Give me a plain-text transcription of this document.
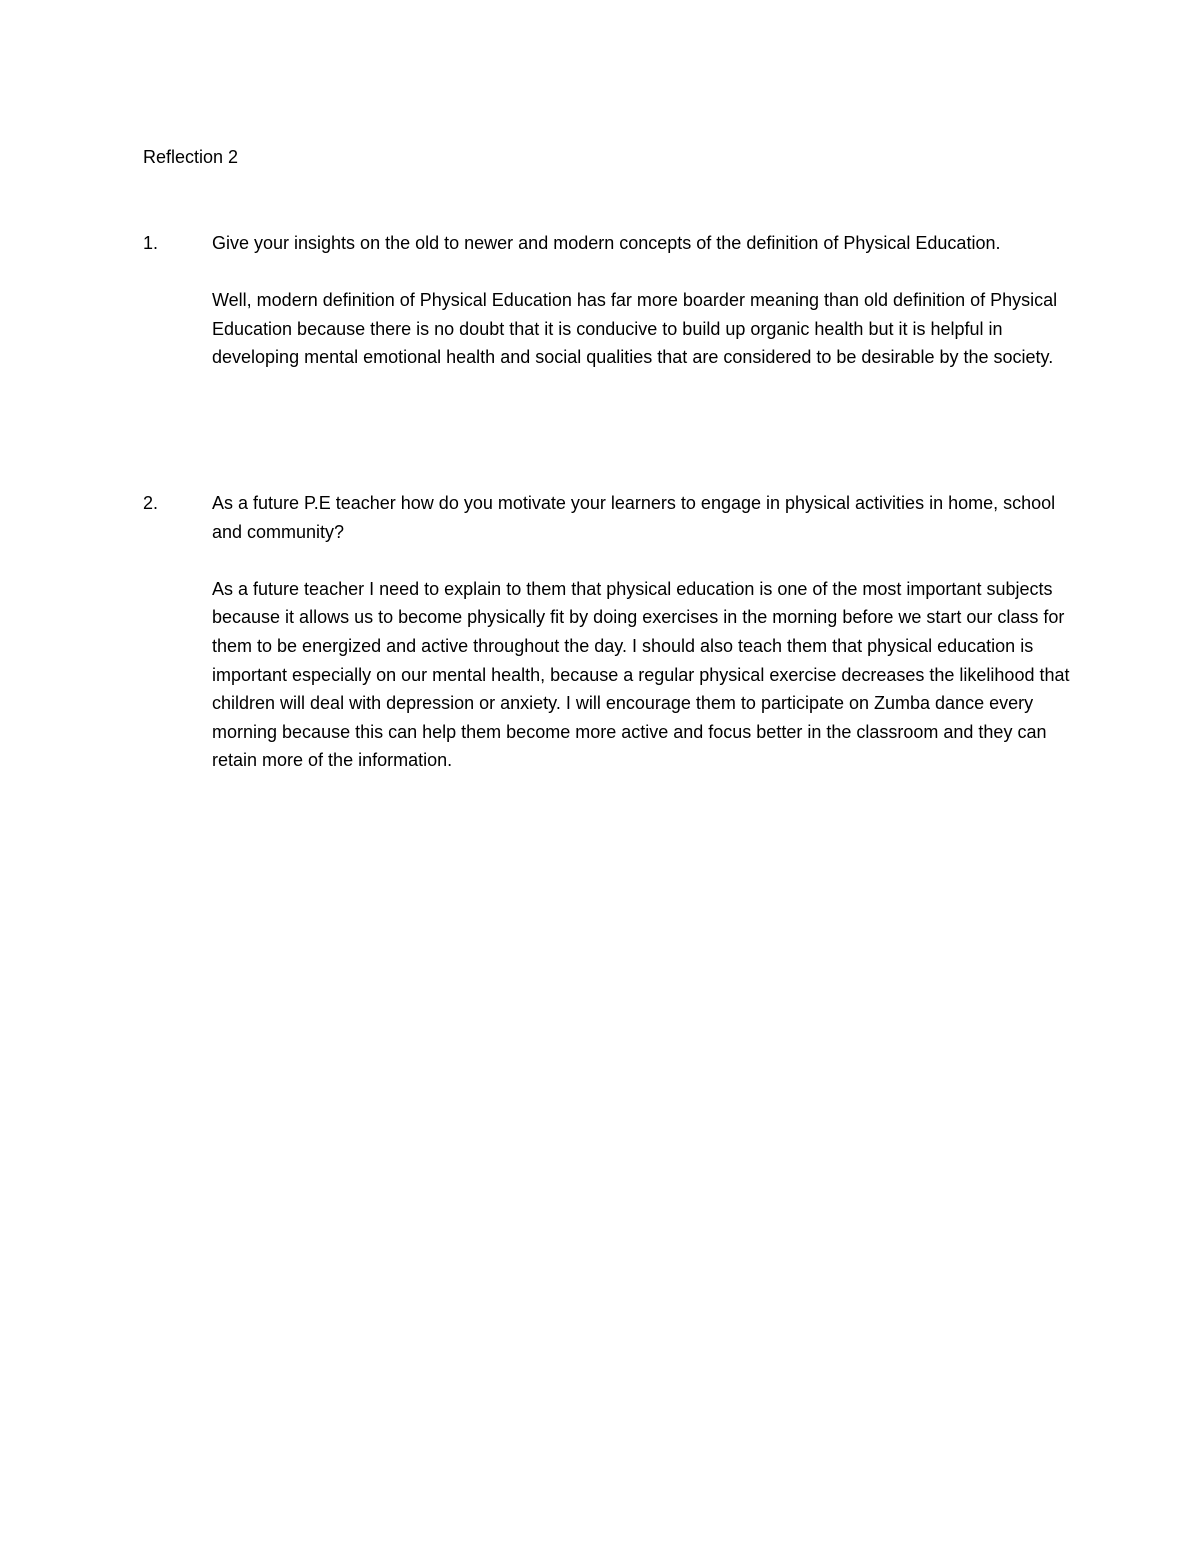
Reflection 2
1.	Give your insights on the old to newer and modern concepts of the definition of Physical Education.

Well, modern definition of Physical Education has far more boarder meaning than old definition of Physical Education because there is no doubt that it is conducive to build up organic health but it is helpful in developing mental emotional health and social qualities that are considered to be desirable by the society.

2.	As a future P.E teacher how do you motivate your learners to engage in physical activities in home, school and community?

As a future teacher I need to explain to them that physical education is one of the most important subjects because it allows us to become physically fit by doing exercises in the morning before we start our class for them to be energized and active throughout the day. I should also teach them that physical education is important especially on our mental health, because a regular physical exercise decreases the likelihood that children will deal with depression or anxiety. I will encourage them to participate on Zumba dance every morning because this can help them become more active and focus better in the classroom and they can retain more of the information.
